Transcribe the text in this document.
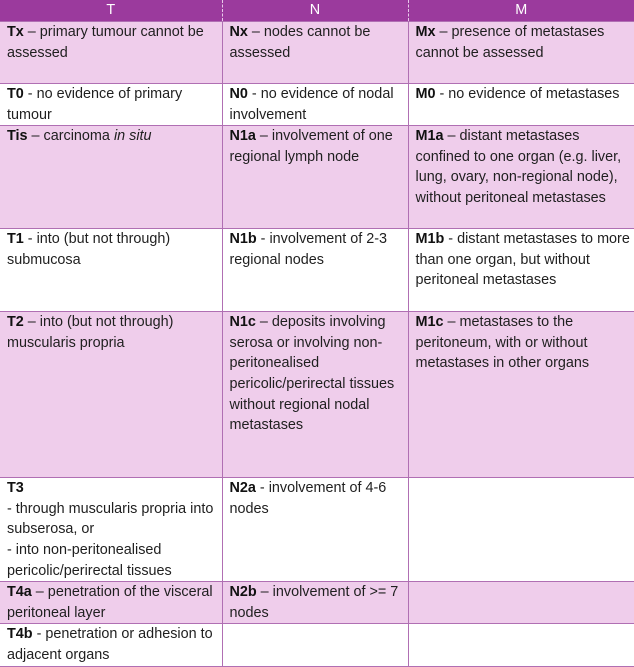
T	N	M
Tx – primary tumour cannot be assessed	Nx – nodes cannot be assessed	Mx – presence of metastases cannot be assessed
T0 - no evidence of primary tumour	N0 - no evidence of nodal involvement	M0 - no evidence of metastases
Tis – carcinoma in situ	N1a – involvement of one regional lymph node	M1a – distant metastases confined to one organ (e.g. liver, lung, ovary, non-regional node), without peritoneal metastases
T1 - into (but not through) submucosa	N1b - involvement of 2-3 regional nodes	M1b - distant metastases to more than one organ, but without peritoneal metastases
T2 – into (but not through) muscularis propria	N1c – deposits involving serosa or involving non-peritonealised pericolic/perirectal tissues without regional nodal metastases	M1c – metastases to the peritoneum, with or without metastases in other organs

T3
- through muscularis propria into subserosa, or
- into non-peritonealised pericolic/perirectal tissues	N2a - involvement of 4-6 nodes	
T4a – penetration of the visceral peritoneal layer	N2b – involvement of >= 7 nodes	
T4b - penetration or adhesion to adjacent organs		
